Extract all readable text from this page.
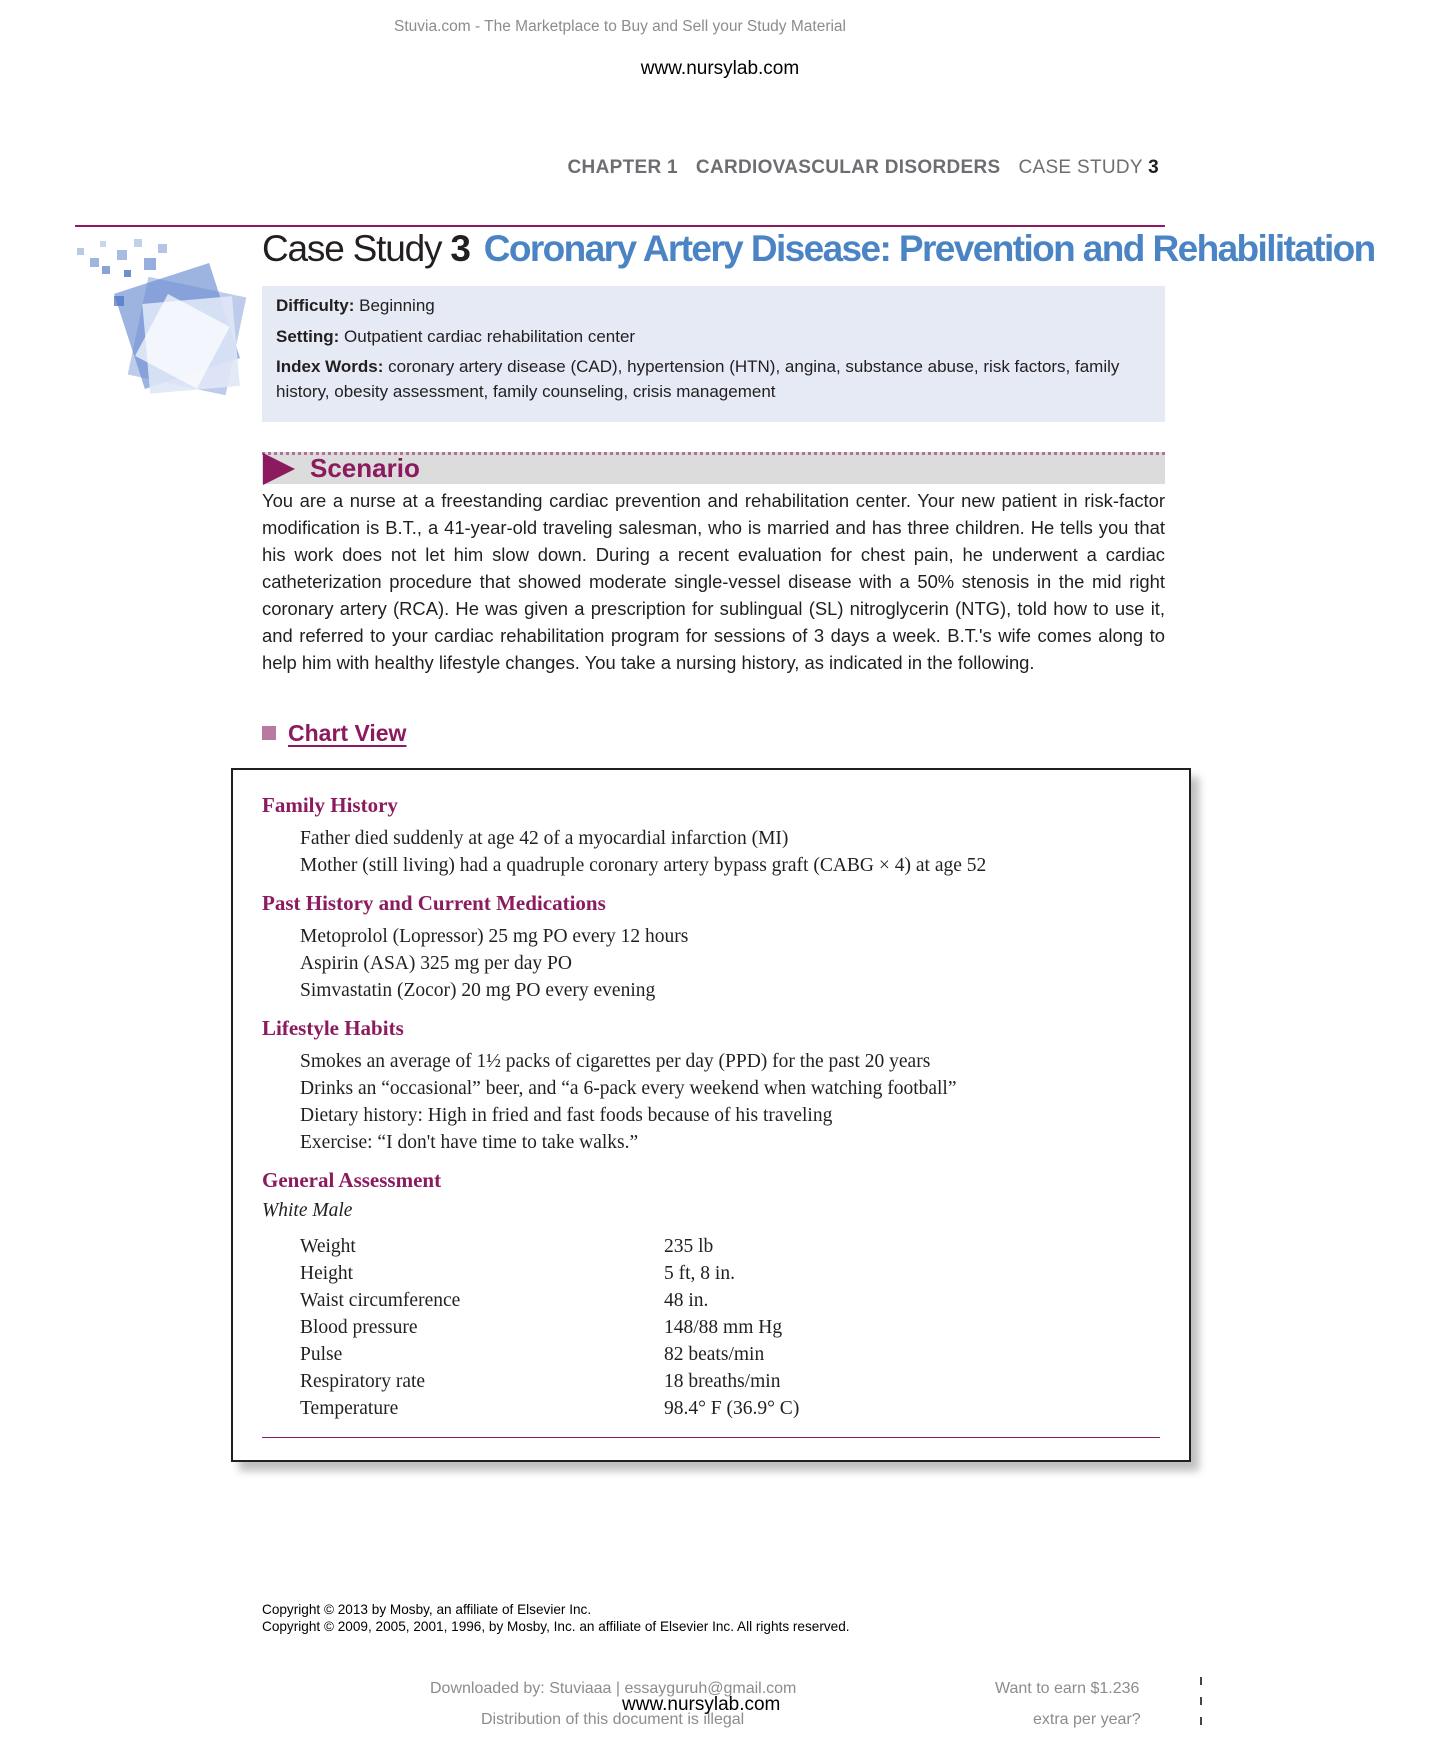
Stuvia.com - The Marketplace to Buy and Sell your Study Material
www.nursylab.com
CHAPTER 1 CARDIOVASCULAR DISORDERS CASE STUDY 3
Case Study 3 Coronary Artery Disease: Prevention and Rehabilitation
Difficulty: Beginning
Setting: Outpatient cardiac rehabilitation center
Index Words: coronary artery disease (CAD), hypertension (HTN), angina, substance abuse, risk factors, family history, obesity assessment, family counseling, crisis management
Scenario
You are a nurse at a freestanding cardiac prevention and rehabilitation center. Your new patient in risk-factor modification is B.T., a 41-year-old traveling salesman, who is married and has three children. He tells you that his work does not let him slow down. During a recent evaluation for chest pain, he underwent a cardiac catheterization procedure that showed moderate single-vessel disease with a 50% stenosis in the mid right coronary artery (RCA). He was given a prescription for sublingual (SL) nitroglycerin (NTG), told how to use it, and referred to your cardiac rehabilitation program for sessions of 3 days a week. B.T.'s wife comes along to help him with healthy lifestyle changes. You take a nursing history, as indicated in the following.
Chart View
Family History
Father died suddenly at age 42 of a myocardial infarction (MI)
Mother (still living) had a quadruple coronary artery bypass graft (CABG × 4) at age 52
Past History and Current Medications
Metoprolol (Lopressor) 25 mg PO every 12 hours
Aspirin (ASA) 325 mg per day PO
Simvastatin (Zocor) 20 mg PO every evening
Lifestyle Habits
Smokes an average of 1½ packs of cigarettes per day (PPD) for the past 20 years
Drinks an “occasional” beer, and “a 6-pack every weekend when watching football”
Dietary history: High in fried and fast foods because of his traveling
Exercise: “I don't have time to take walks.”
General Assessment
White Male
Weight	235 lb
Height	5 ft, 8 in.
Waist circumference	48 in.
Blood pressure	148/88 mm Hg
Pulse	82 beats/min
Respiratory rate	18 breaths/min
Temperature	98.4° F (36.9° C)
Copyright © 2013 by Mosby, an affiliate of Elsevier Inc.
Copyright © 2009, 2005, 2001, 1996, by Mosby, Inc. an affiliate of Elsevier Inc. All rights reserved.
Downloaded by: Stuviaaa | essayguruh@gmail.com
Distribution of this document is illegal
www.nursylab.com
Want to earn $1.236
extra per year?
